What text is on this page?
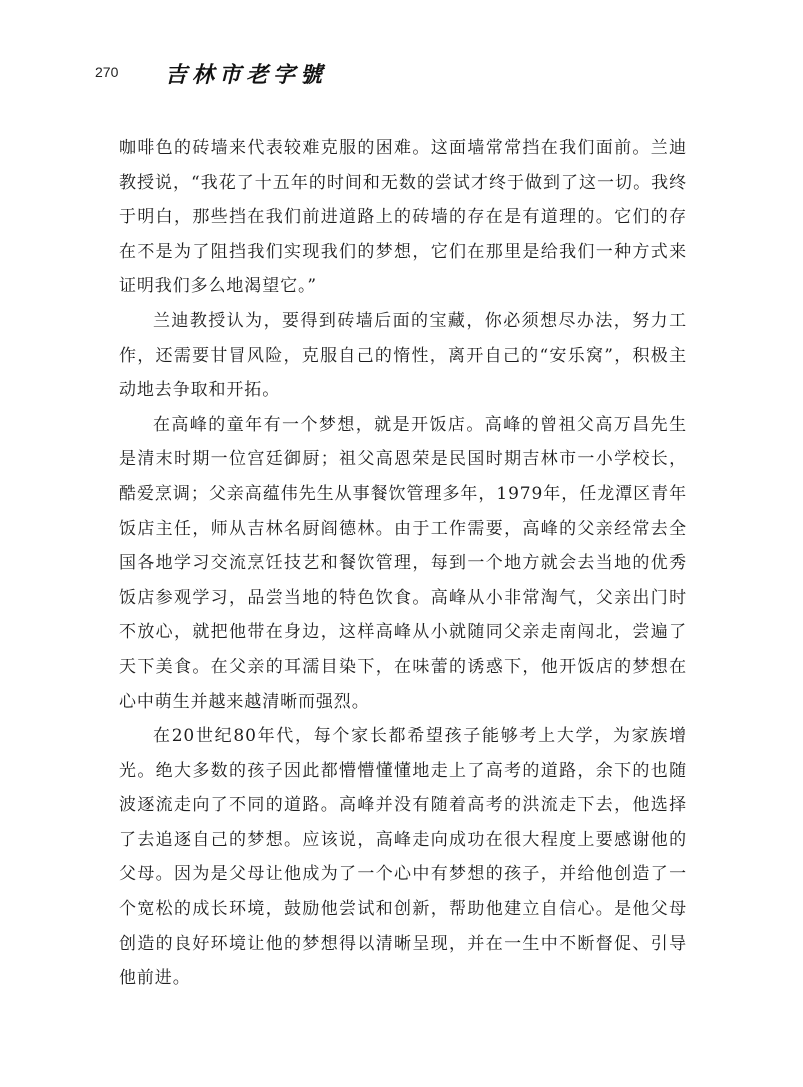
270 吉林市老字號

咖啡色的砖墙来代表较难克服的困难。这面墙常常挡在我们面前。兰迪教授说，“我花了十五年的时间和无数的尝试才终于做到了这一切。我终于明白，那些挡在我们前进道路上的砖墙的存在是有道理的。它们的存在不是为了阻挡我们实现我们的梦想，它们在那里是给我们一种方式来证明我们多么地渴望它。”

兰迪教授认为，要得到砖墙后面的宝藏，你必须想尽办法，努力工作，还需要甘冒风险，克服自己的惰性，离开自己的“安乐窝”，积极主动地去争取和开拓。

在高峰的童年有一个梦想，就是开饭店。高峰的曾祖父高万昌先生是清末时期一位宫廷御厨；祖父高恩荣是民国时期吉林市一小学校长，酷爱烹调；父亲高蕴伟先生从事餐饮管理多年，1979年，任龙潭区青年饭店主任，师从吉林名厨阎德林。由于工作需要，高峰的父亲经常去全国各地学习交流烹饪技艺和餐饮管理，每到一个地方就会去当地的优秀饭店参观学习，品尝当地的特色饮食。高峰从小非常淘气，父亲出门时不放心，就把他带在身边，这样高峰从小就随同父亲走南闯北，尝遍了天下美食。在父亲的耳濡目染下，在味蕾的诱惑下，他开饭店的梦想在心中萌生并越来越清晰而强烈。

在20世纪80年代，每个家长都希望孩子能够考上大学，为家族增光。绝大多数的孩子因此都懵懵懂懂地走上了高考的道路，余下的也随波逐流走向了不同的道路。高峰并没有随着高考的洪流走下去，他选择了去追逐自己的梦想。应该说，高峰走向成功在很大程度上要感谢他的父母。因为是父母让他成为了一个心中有梦想的孩子，并给他创造了一个宽松的成长环境，鼓励他尝试和创新，帮助他建立自信心。是他父母创造的良好环境让他的梦想得以清晰呈现，并在一生中不断督促、引导他前进。
